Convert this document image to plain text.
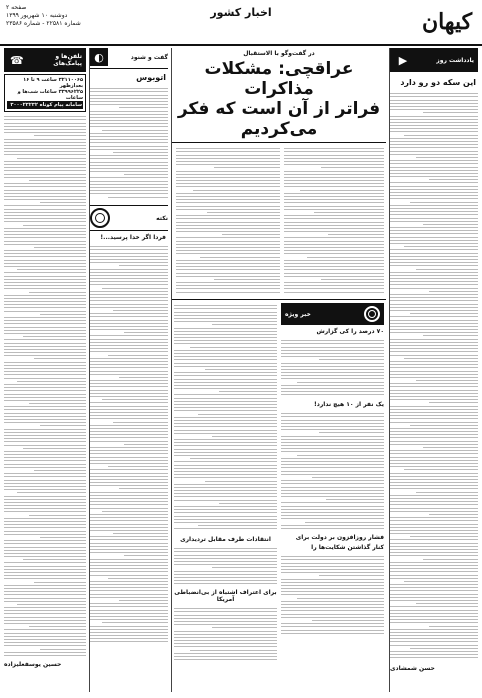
کیهان
اخبار کشور
صفحه ۲
دوشنبه ۱۰ شهریور ۱۳۹۹
شماره ۲۲۵۸۱ - شماره ۲۳۵۸۶
یادداشت روز
▶
این سکه دو رو دارد
حسن شمشادی
در گفت‌وگو با الاستقبال
عراقچی: مشکلات مذاکرات
فراتر از آن است که فکر می‌کردیم
خبر ویژه
۷۰ درصد را کی گزارش
یک نفر از ۱۰ هیچ ندارد!
فشار روزافزون بر دولت برای
کنار گذاشتن شکایت‌ها را
انتقادات طرف مقابل تردیداری
برای اعتراف اشتباه از بی‌انضباطی آمریکا
گفت و شنود
◐
اتوبوس
نکته
فردا اگر خدا پرسید...!
تلفن‌ها و پیامک‌های
☎
۳۲۱۱۰۰۶۵ ساعت ۹ تا ۱۶ بعدازظهر
۳۳۹۹۶۲۲۵ ساعات شب‌ها و ساعات
سامانه پیام کوتاه ۳۰۰۰۲۳۲۳۲
حسین یوسفعلیزاده
